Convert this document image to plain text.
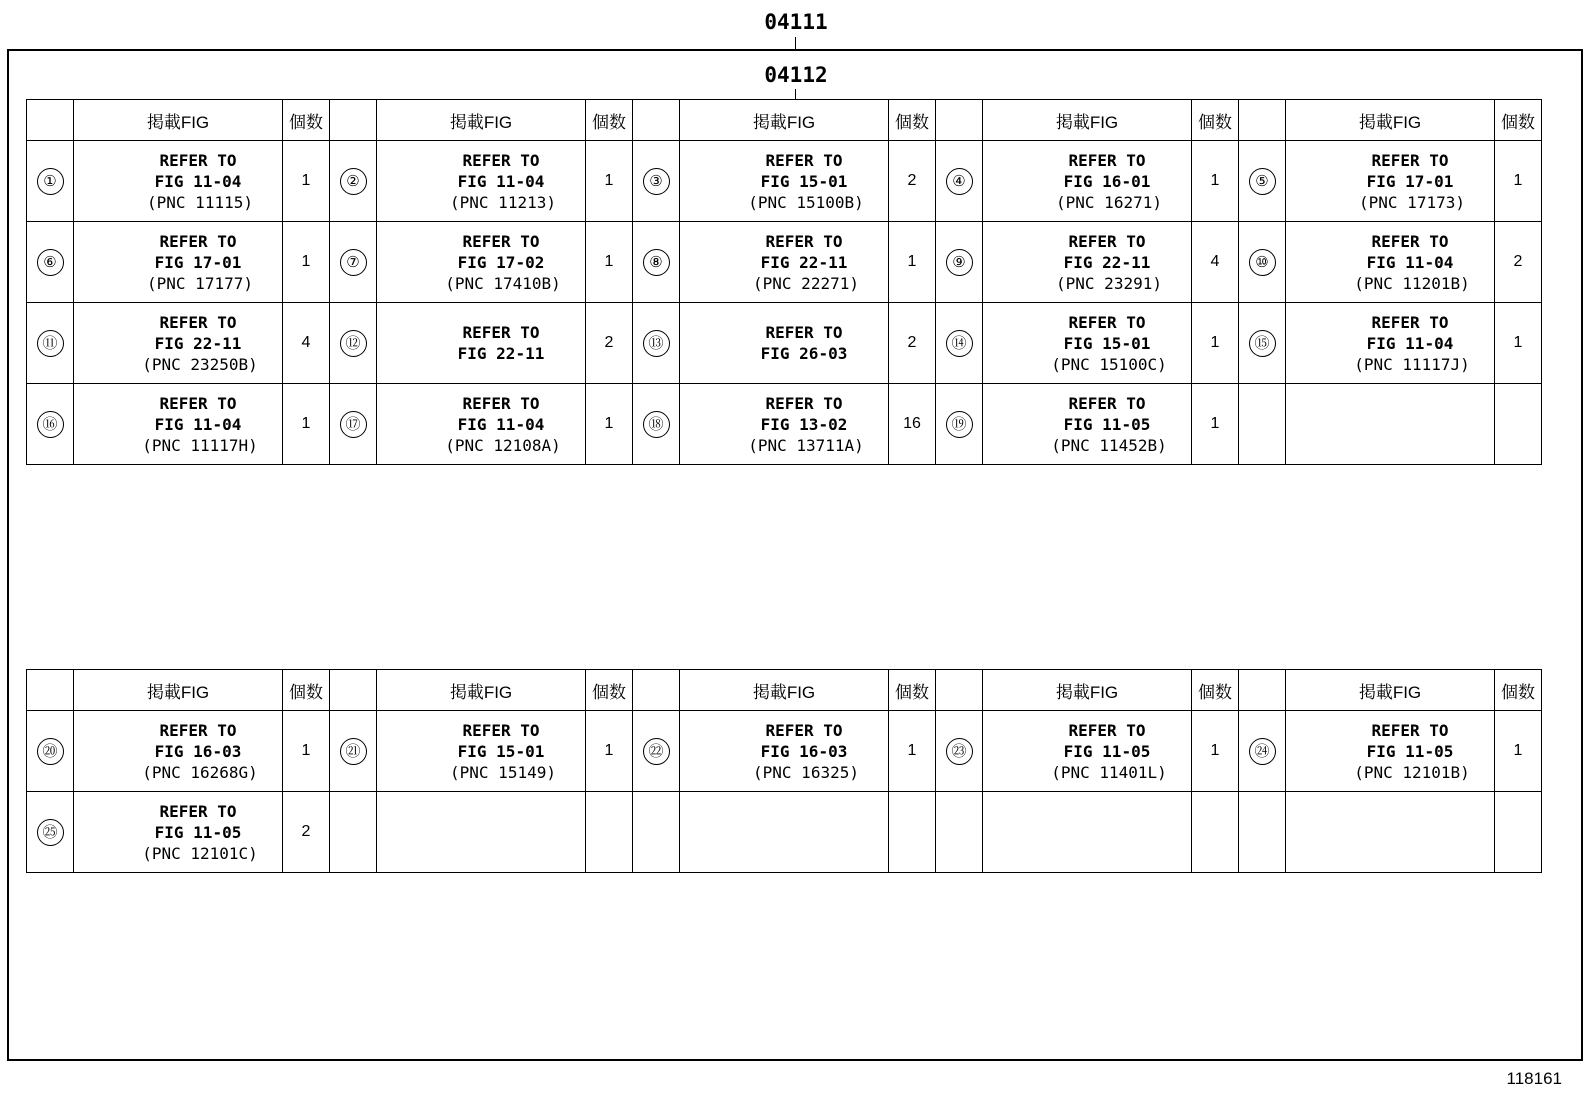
04111
04112
	掲載FIG	個数		掲載FIG	個数		掲載FIG	個数		掲載FIG	個数		掲載FIG	個数
①	REFER TO
FIG 11-04
(PNC 11115)	1	②	REFER TO
FIG 11-04
(PNC 11213)	1	③	REFER TO
FIG 15-01
(PNC 15100B)	2	④	REFER TO
FIG 16-01
(PNC 16271)	1	⑤	REFER TO
FIG 17-01
(PNC 17173)	1
⑥	REFER TO
FIG 17-01
(PNC 17177)	1	⑦	REFER TO
FIG 17-02
(PNC 17410B)	1	⑧	REFER TO
FIG 22-11
(PNC 22271)	1	⑨	REFER TO
FIG 22-11
(PNC 23291)	4	⑩	REFER TO
FIG 11-04
(PNC 11201B)	2
⑪	REFER TO
FIG 22-11
(PNC 23250B)	4	⑫	REFER TO
FIG 22-11	2	⑬	REFER TO
FIG 26-03	2	⑭	REFER TO
FIG 15-01
(PNC 15100C)	1	⑮	REFER TO
FIG 11-04
(PNC 11117J)	1
⑯	REFER TO
FIG 11-04
(PNC 11117H)	1	⑰	REFER TO
FIG 11-04
(PNC 12108A)	1	⑱	REFER TO
FIG 13-02
(PNC 13711A)	16	⑲	REFER TO
FIG 11-05
(PNC 11452B)	1			
	掲載FIG	個数		掲載FIG	個数		掲載FIG	個数		掲載FIG	個数		掲載FIG	個数
⑳	REFER TO
FIG 16-03
(PNC 16268G)	1	㉑	REFER TO
FIG 15-01
(PNC 15149)	1	㉒	REFER TO
FIG 16-03
(PNC 16325)	1	㉓	REFER TO
FIG 11-05
(PNC 11401L)	1	㉔	REFER TO
FIG 11-05
(PNC 12101B)	1
㉕	REFER TO
FIG 11-05
(PNC 12101C)	2												
118161
